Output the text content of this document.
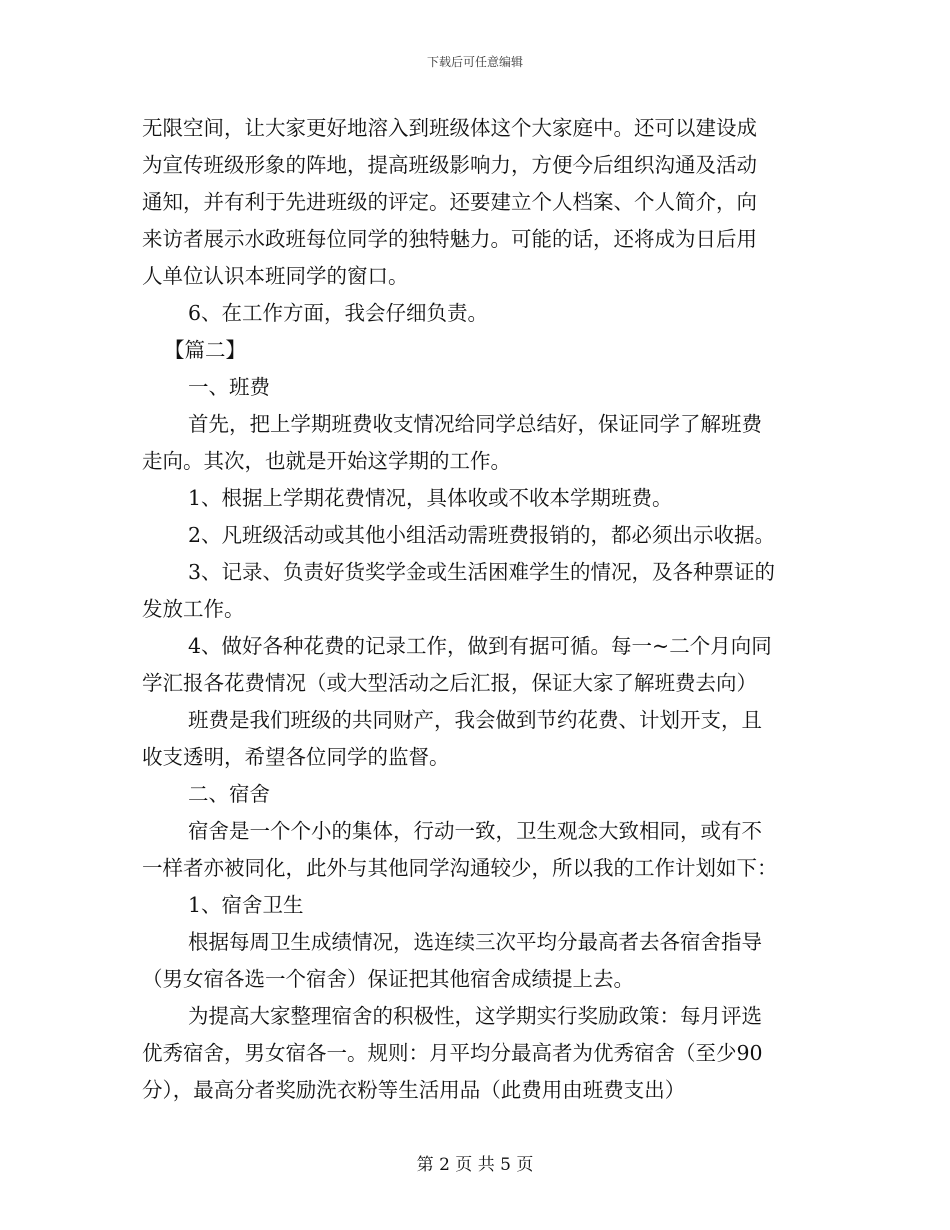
下载后可任意编辑

无限空间，让大家更好地溶入到班级体这个大家庭中。还可以建设成

为宣传班级形象的阵地，提高班级影响力，方便今后组织沟通及活动

通知，并有利于先进班级的评定。还要建立个人档案、个人简介，向

来访者展示水政班每位同学的独特魅力。可能的话，还将成为日后用

人单位认识本班同学的窗口。

6、在工作方面，我会仔细负责。

【篇二】

一、班费

首先，把上学期班费收支情况给同学总结好，保证同学了解班费

走向。其次，也就是开始这学期的工作。

1、根据上学期花费情况，具体收或不收本学期班费。

2、凡班级活动或其他小组活动需班费报销的，都必须出示收据。

3、记录、负责好货奖学金或生活困难学生的情况，及各种票证的

发放工作。

4、做好各种花费的记录工作，做到有据可循。每一~二个月向同

学汇报各花费情况（或大型活动之后汇报，保证大家了解班费去向）

班费是我们班级的共同财产，我会做到节约花费、计划开支，且

收支透明，希望各位同学的监督。

二、宿舍

宿舍是一个个小的集体，行动一致，卫生观念大致相同，或有不

一样者亦被同化，此外与其他同学沟通较少，所以我的工作计划如下：

1、宿舍卫生

根据每周卫生成绩情况，选连续三次平均分最高者去各宿舍指导

（男女宿各选一个宿舍）保证把其他宿舍成绩提上去。

为提高大家整理宿舍的积极性，这学期实行奖励政策：每月评选

优秀宿舍，男女宿各一。规则：月平均分最高者为优秀宿舍（至少90

分），最高分者奖励洗衣粉等生活用品（此费用由班费支出）

第 2 页 共 5 页
